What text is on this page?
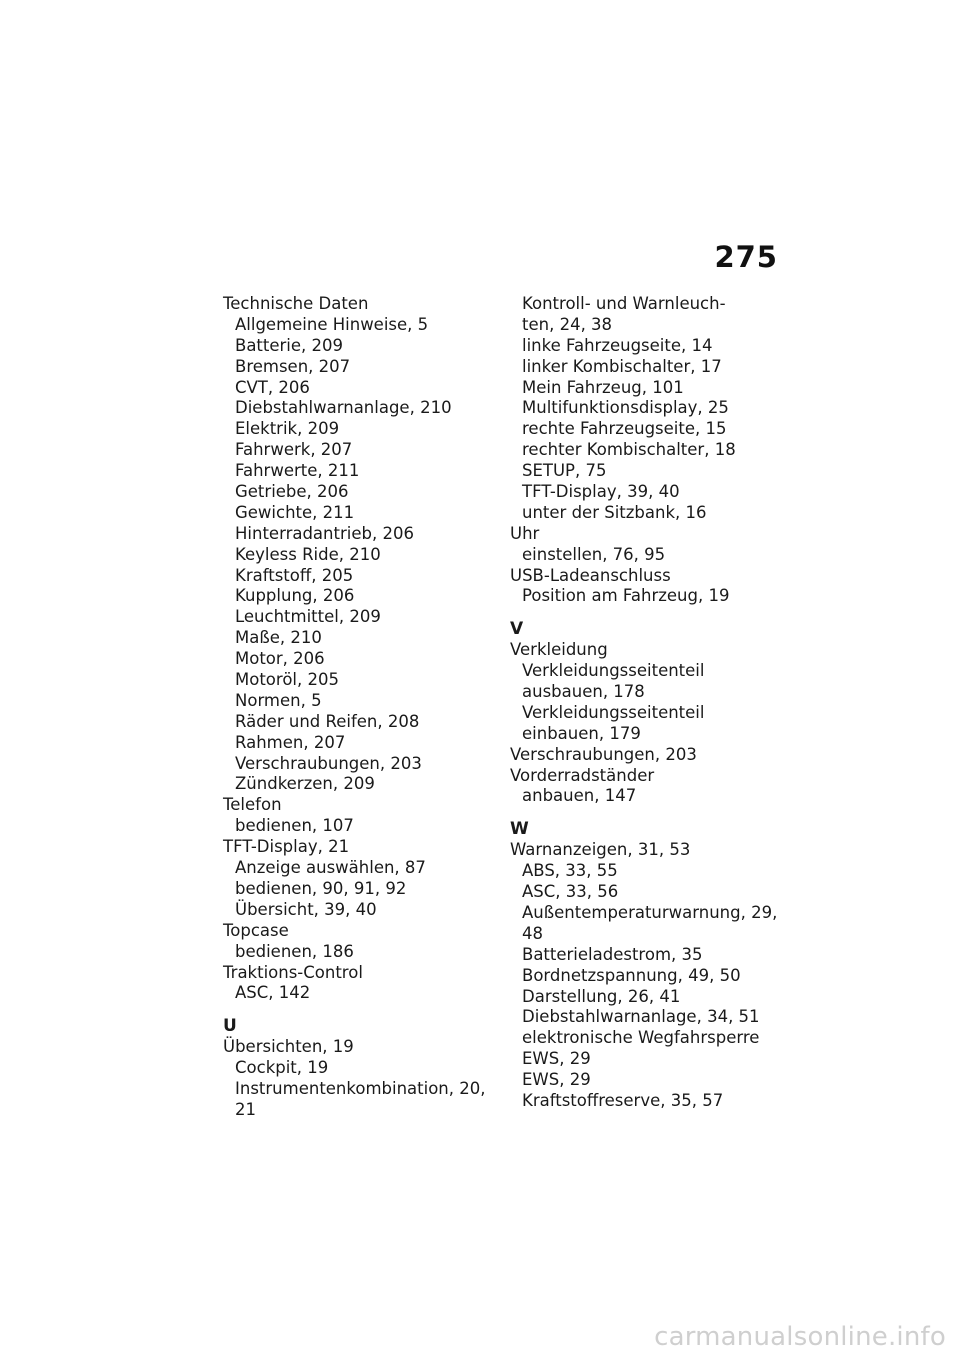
275
Technische Daten
Allgemeine Hinweise, 5
Batterie, 209
Bremsen, 207
CVT, 206
Diebstahlwarnanlage, 210
Elektrik, 209
Fahrwerk, 207
Fahrwerte, 211
Getriebe, 206
Gewichte, 211
Hinterradantrieb, 206
Keyless Ride, 210
Kraftstoff, 205
Kupplung, 206
Leuchtmittel, 209
Maße, 210
Motor, 206
Motoröl, 205
Normen, 5
Räder und Reifen, 208
Rahmen, 207
Verschraubungen, 203
Zündkerzen, 209
Telefon
bedienen, 107
TFT-Display, 21
Anzeige auswählen, 87
bedienen, 90, 91, 92
Übersicht, 39, 40
Topcase
bedienen, 186
Traktions-Control
ASC, 142
U
Übersichten, 19
Cockpit, 19
Instrumentenkombination, 20,
21
Kontroll- und Warnleuch-
ten, 24, 38
linke Fahrzeugseite, 14
linker Kombischalter, 17
Mein Fahrzeug, 101
Multifunktionsdisplay, 25
rechte Fahrzeugseite, 15
rechter Kombischalter, 18
SETUP, 75
TFT-Display, 39, 40
unter der Sitzbank, 16
Uhr
einstellen, 76, 95
USB-Ladeanschluss
Position am Fahrzeug, 19
V
Verkleidung
Verkleidungsseitenteil
ausbauen, 178
Verkleidungsseitenteil
einbauen, 179
Verschraubungen, 203
Vorderradständer
anbauen, 147
W
Warnanzeigen, 31, 53
ABS, 33, 55
ASC, 33, 56
Außentemperaturwarnung, 29,
48
Batterieladestrom, 35
Bordnetzspannung, 49, 50
Darstellung, 26, 41
Diebstahlwarnanlage, 34, 51
elektronische Wegfahrsperre
EWS, 29
EWS, 29
Kraftstoffreserve, 35, 57
carmanualsonline.info
